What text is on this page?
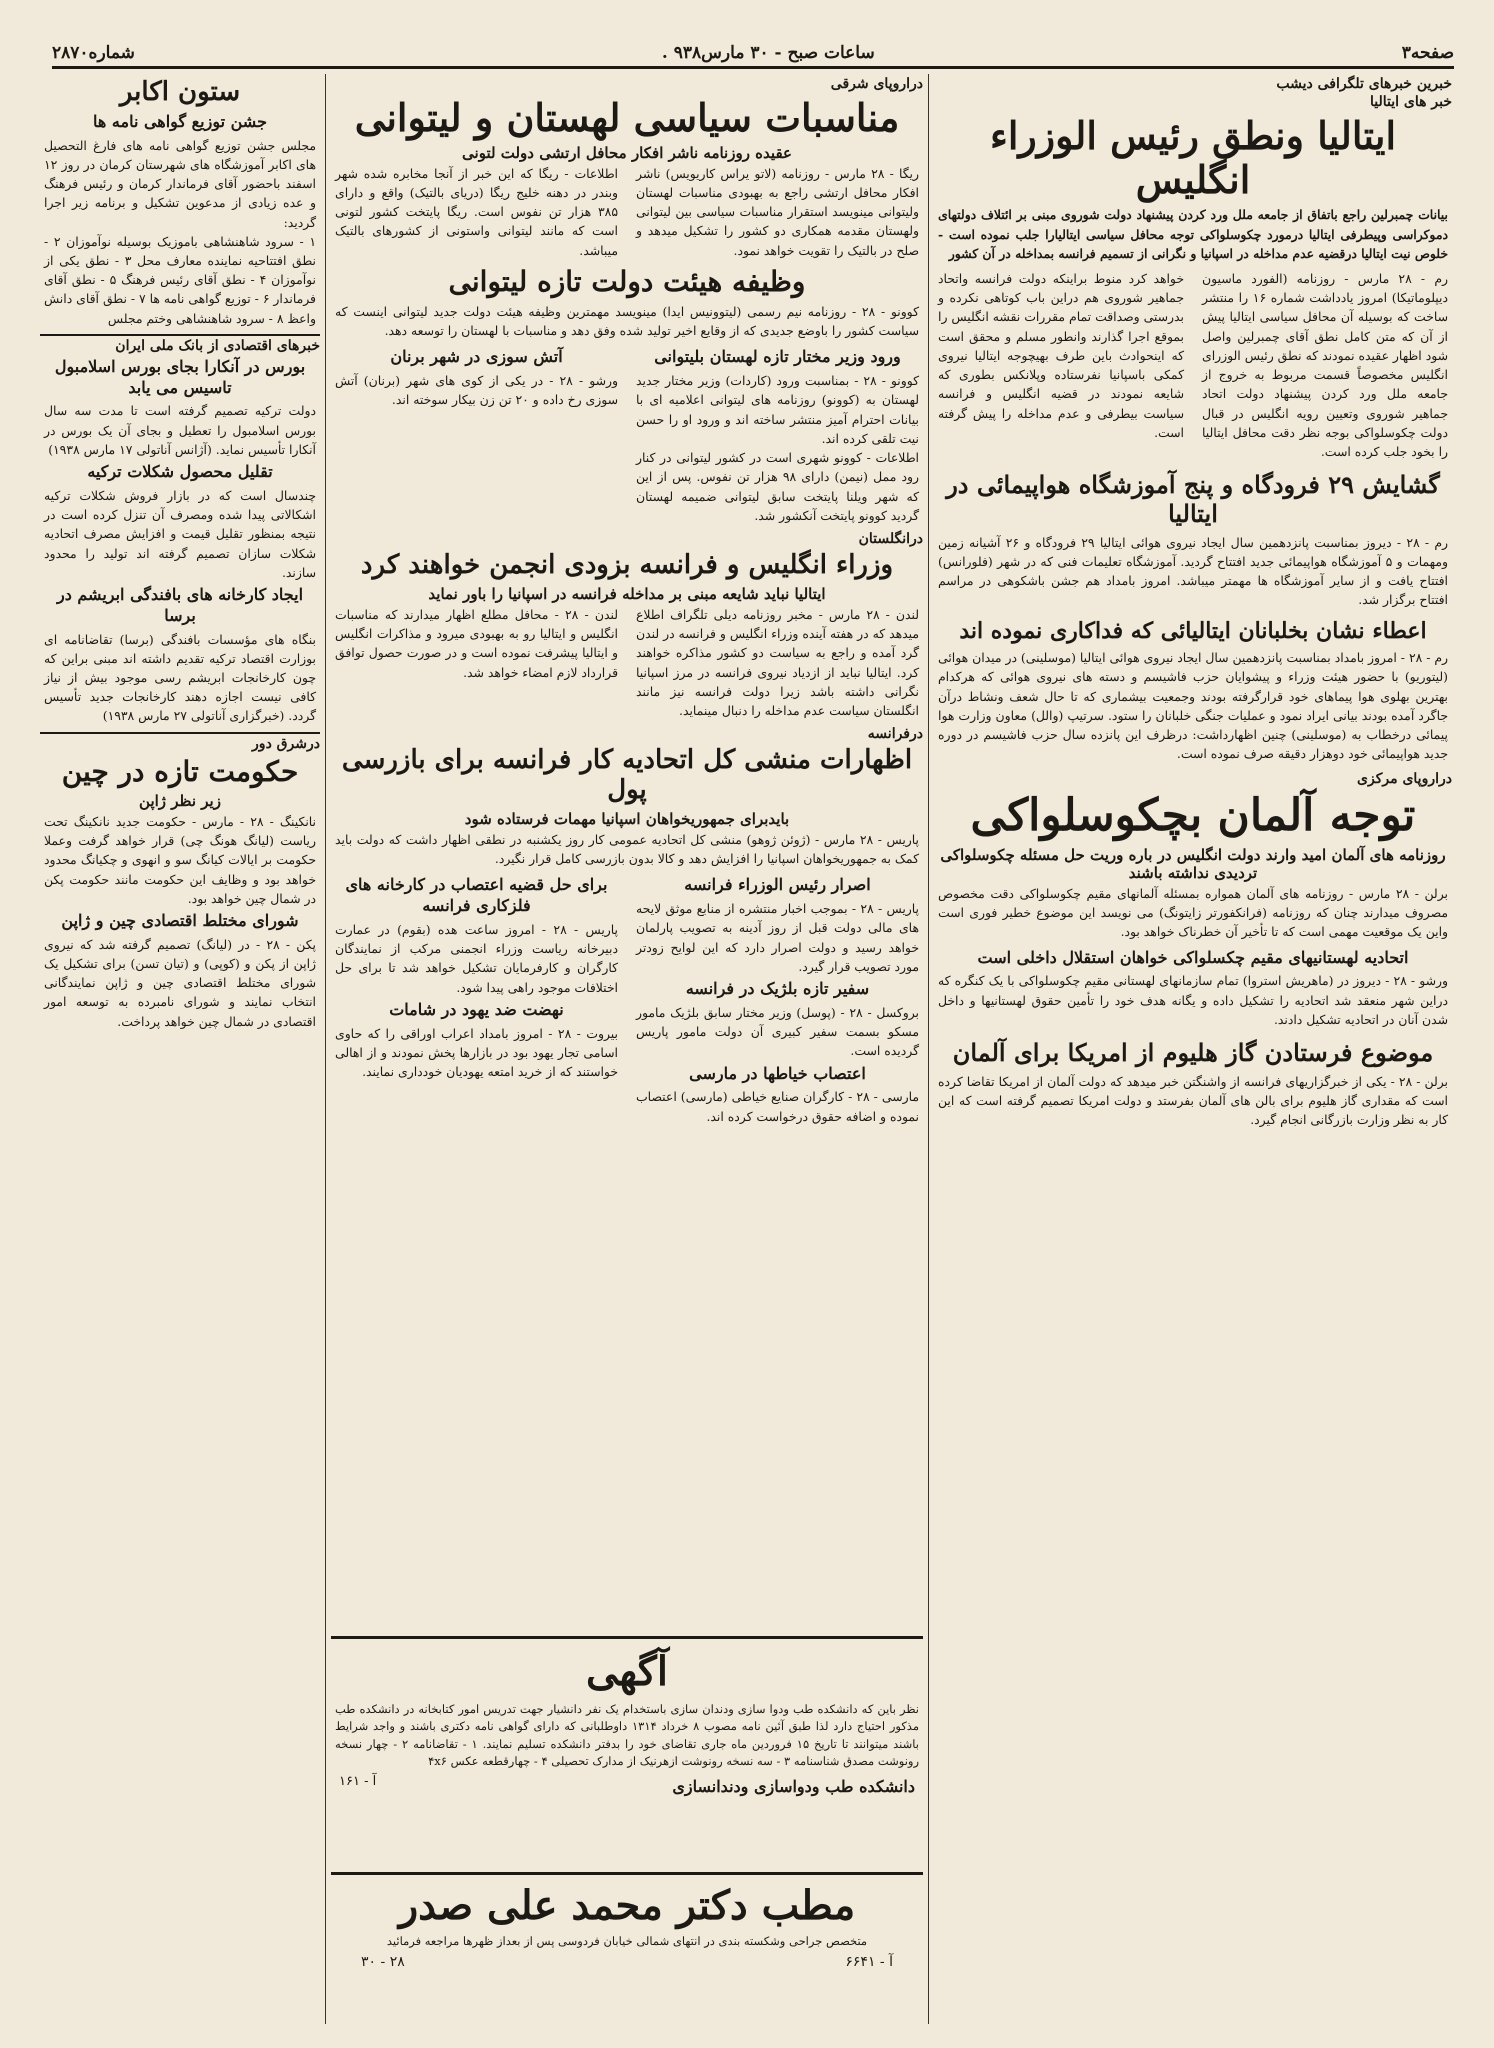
صفحه۳
ساعات صبح - ۳۰ مارس۹۳۸ .
شماره۲۸۷۰
خبرین خبرهای تلگرافی دیشب
خبر های ایتالیا
ایتالیا ونطق رئیس الوزراء انگلیس
بیانات چمبرلین راجع باتفاق از جامعه ملل ورد کردن پیشنهاد دولت شوروی مبنی بر ائتلاف دولتهای دموکراسی وپیطرفی ایتالیا درمورد چکوسلواکی توجه محافل سیاسی ایتالیارا جلب نموده است - خلوص نیت ایتالیا درقضیه عدم مداخله در اسپانیا و نگرانی از تسمیم فرانسه بمداخله در آن کشور
رم - ۲۸ مارس - روزنامه (الفورد ماسیون دیپلوماتیکا) امروز یادداشت شماره ۱۶ را منتشر ساخت که بوسیله آن محافل سیاسی ایتالیا پیش از آن که متن کامل نطق آقای چمبرلین واصل شود اظهار عقیده نمودند که نطق رئیس الوزرای انگلیس مخصوصاً قسمت مربوط به خروج از جامعه ملل ورد کردن پیشنهاد دولت اتحاد جماهیر شوروی وتعیین رویه انگلیس در قبال دولت چکوسلواکی بوجه نظر دقت محافل ایتالیا را بخود جلب کرده است.
خواهد کرد منوط براینکه دولت فرانسه واتحاد جماهیر شوروی هم دراین باب کوتاهی نکرده و بدرستی وصداقت تمام مقررات نقشه انگلیس را بموقع اجرا گذارند وانطور مسلم و محقق است که اینحوادث باین طرف بهیچوجه ایتالیا نیروی کمکی باسپانیا نفرستاده وپلانکس بطوری که شایعه نمودند در قضیه انگلیس و فرانسه سیاست بیطرفی و عدم مداخله را پیش گرفته است.
گشایش ۲۹ فرودگاه و پنج آموزشگاه هواپیمائی در ایتالیا
رم - ۲۸ - دیروز بمناسبت پانزدهمین سال ایجاد نیروی هوائی ایتالیا ۲۹ فرودگاه و ۲۶ آشیانه زمین ومهمات و ۵ آموزشگاه هواپیمائی جدید افتتاح گردید. آموزشگاه تعلیمات فنی که در شهر (فلورانس) افتتاح یافت و از سایر آموزشگاه ها مهمتر میباشد. امروز بامداد هم جشن باشکوهی در مراسم افتتاح برگزار شد.
اعطاء نشان بخلبانان ایتالیائی که فداکاری نموده اند
رم - ۲۸ - امروز بامداد بمناسبت پانزدهمین سال ایجاد نیروی هوائی ایتالیا (موسلینی) در میدان هوائی (لیتوریو) با حضور هیئت وزراء و پیشوایان حزب فاشیسم و دسته های نیروی هوائی که هرکدام بهترین بهلوی هوا پیماهای خود قرارگرفته بودند وجمعیت بیشماری که تا حال شعف ونشاط درآن جاگرد آمده بودند بیانی ایراد نمود و عملیات جنگی خلبانان را ستود. سرتیپ (والل) معاون وزارت هوا پیمائی درخطاب به (موسلینی) چنین اظهارداشت: درظرف این پانزده سال حزب فاشیسم در دوره جدید هواپیمائی خود دوهزار دقیقه صرف نموده است.
دراروپای مرکزی
توجه آلمان بچکوسلواکی
روزنامه های آلمان امید وارند دولت انگلیس در باره وریت حل مسئله چکوسلواکی تردیدی نداشته باشند
برلن - ۲۸ مارس - روزنامه های آلمان همواره بمسئله آلمانهای مقیم چکوسلواکی دقت مخصوص مصروف میدارند چنان که روزنامه (فرانکفورتر زایتونگ) می نویسد این موضوع خطیر فوری است واین یک موقعیت مهمی است که تا تأخیر آن خطرناک خواهد بود.
اتحادیه لهستانیهای مقیم چکسلواکی خواهان استقلال داخلی است
ورشو - ۲۸ - دیروز در (ماهریش استروا) تمام سازمانهای لهستانی مقیم چکوسلواکی با یک کنگره که دراین شهر منعقد شد اتحادیه را تشکیل داده و یگانه هدف خود را تأمین حقوق لهستانیها و داخل شدن آنان در اتحادیه تشکیل دادند.
موضوع فرستادن گاز هلیوم از امریکا برای آلمان
برلن - ۲۸ - یکی از خبرگزاریهای فرانسه از واشنگتن خبر میدهد که دولت آلمان از امریکا تقاضا کرده است که مقداری گاز هلیوم برای بالن های آلمان بفرستد و دولت امریکا تصمیم گرفته است که این کار به نظر وزارت بازرگانی انجام گیرد.
دراروپای شرقی
مناسبات سیاسی لهستان و لیتوانی
عقیده روزنامه ناشر افکار محافل ارتشی دولت لتونی
ریگا - ۲۸ مارس - روزنامه (لاتو یراس کاریویس) ناشر افکار محافل ارتشی راجع به بهبودی مناسبات لهستان ولیتوانی مینویسد استقرار مناسبات سیاسی بین لیتوانی ولهستان مقدمه همکاری دو کشور را تشکیل میدهد و صلح در بالتیک را تقویت خواهد نمود.
اطلاعات - ریگا که این خبر از آنجا مخابره شده شهر وبندر در دهنه خلیج ریگا (دریای بالتیک) واقع و دارای ۳۸۵ هزار تن نفوس است. ریگا پایتخت کشور لتونی است که مانند لیتوانی واستونی از کشورهای بالتیک میباشد.
وظیفه هیئت دولت تازه لیتوانی
کوونو - ۲۸ - روزنامه نیم رسمی (لیتوونیس ایدا) مینویسد مهمترین وظیفه هیئت دولت جدید لیتوانی اینست که سیاست کشور را باوضع جدیدی که از وقایع اخیر تولید شده وفق دهد و مناسبات با لهستان را توسعه دهد.
ورود وزیر مختار تازه لهستان بلیتوانی
کوونو - ۲۸ - بمناسبت ورود (کاردات) وزیر مختار جدید لهستان به (کوونو) روزنامه های لیتوانی اعلامیه ای با بیانات احترام آمیز منتشر ساخته اند و ورود او را حسن نیت تلقی کرده اند.
اطلاعات - کوونو شهری است در کشور لیتوانی در کنار رود ممل (نیمن) دارای ۹۸ هزار تن نفوس. پس از این که شهر ویلنا پایتخت سابق لیتوانی ضمیمه لهستان گردید کوونو پایتخت آنکشور شد.
آتش سوزی در شهر برنان
ورشو - ۲۸ - در یکی از کوی های شهر (برنان) آتش سوزی رخ داده و ۲۰ تن زن بیکار سوخته اند.
درانگلستان
وزراء انگلیس و فرانسه بزودی انجمن خواهند کرد
ایتالیا نباید شایعه مبنی بر مداخله فرانسه در اسپانیا را باور نماید
لندن - ۲۸ مارس - مخبر روزنامه دیلی تلگراف اطلاع میدهد که در هفته آینده وزراء انگلیس و فرانسه در لندن گرد آمده و راجع به سیاست دو کشور مذاکره خواهند کرد. ایتالیا نباید از ازدیاد نیروی فرانسه در مرز اسپانیا نگرانی داشته باشد زیرا دولت فرانسه نیز مانند انگلستان سیاست عدم مداخله را دنبال مینماید.
لندن - ۲۸ - محافل مطلع اظهار میدارند که مناسبات انگلیس و ایتالیا رو به بهبودی میرود و مذاکرات انگلیس و ایتالیا پیشرفت نموده است و در صورت حصول توافق قرارداد لازم امضاء خواهد شد.
درفرانسه
اظهارات منشی کل اتحادیه کار فرانسه برای بازرسی پول
بایدبرای جمهوریخواهان اسپانیا مهمات فرستاده شود
پاریس - ۲۸ مارس - (ژوئن ژوهو) منشی کل اتحادیه عمومی کار روز یکشنبه در نطقی اظهار داشت که دولت باید کمک به جمهوریخواهان اسپانیا را افزایش دهد و کالا بدون بازرسی کامل قرار نگیرد.
اصرار رئیس الوزراء فرانسه
پاریس - ۲۸ - بموجب اخبار منتشره از منابع موثق لایحه های مالی دولت قبل از روز آدینه به تصویب پارلمان خواهد رسید و دولت اصرار دارد که این لوایح زودتر مورد تصویب قرار گیرد.
سفیر تازه بلژیک در فرانسه
بروکسل - ۲۸ - (پوسل) وزیر مختار سابق بلژیک مامور مسکو بسمت سفیر کبیری آن دولت مامور پاریس گردیده است.
اعتصاب خیاطها در مارسی
مارسی - ۲۸ - کارگران صنایع خیاطی (مارسی) اعتصاب نموده و اضافه حقوق درخواست کرده اند.
برای حل قضیه اعتصاب در کارخانه های فلزکاری فرانسه
پاریس - ۲۸ - امروز ساعت هده (بقوم) در عمارت دبیرخانه ریاست وزراء انجمنی مرکب از نمایندگان کارگران و کارفرمایان تشکیل خواهد شد تا برای حل اختلافات موجود راهی پیدا شود.
نهضت ضد یهود در شامات
بیروت - ۲۸ - امروز بامداد اعراب اوراقی را که حاوی اسامی تجار یهود بود در بازارها پخش نمودند و از اهالی خواستند که از خرید امتعه یهودیان خودداری نمایند.
آگهی
نظر باین که دانشکده طب ودوا سازی ودندان سازی باستخدام یک نفر دانشیار جهت تدریس امور کتابخانه در دانشکده طب مذکور احتیاج دارد لذا طبق آئین نامه مصوب ۸ خرداد ۱۳۱۴ داوطلبانی که دارای گواهی نامه دکتری باشند و واجد شرایط باشند میتوانند تا تاریخ ۱۵ فروردین ماه جاری تقاضای خود را بدفتر دانشکده تسلیم نمایند. ۱ - تقاضانامه ۲ - چهار نسخه رونوشت مصدق شناسنامه ۳ - سه نسخه رونوشت ازهرنیک از مدارک تحصیلی ۴ - چهارقطعه عکس ۴x۶
دانشکده طب ودواسازی ودندانسازی
آ - ۱۶۱
مطب دکتر محمد علی صدر
متخصص جراحی وشکسته بندی در انتهای شمالی خیابان فردوسی پس از بعداز ظهرها مراجعه فرمائید
آ - ۶۶۴۱
۲۸ - ۳۰
ستون اکابر
جشن توزیع گواهی نامه ها
مجلس جشن توزیع گواهی نامه های فارغ التحصیل های اکابر آموزشگاه های شهرستان کرمان در روز ۱۲ اسفند باحضور آقای فرماندار کرمان و رئیس فرهنگ و عده زیادی از مدعوین تشکیل و برنامه زیر اجرا گردید:
۱ - سرود شاهنشاهی باموزیک بوسیله نوآموزان ۲ - نطق افتتاحیه نماینده معارف محل ۳ - نطق یکی از نوآموزان ۴ - نطق آقای رئیس فرهنگ ۵ - نطق آقای فرماندار ۶ - توزیع گواهی نامه ها ۷ - نطق آقای دانش واعظ ۸ - سرود شاهنشاهی وختم مجلس
خبرهای اقتصادی از بانک ملی ایران
بورس در آنکارا بجای بورس اسلامبول تاسیس می یابد
دولت ترکیه تصمیم گرفته است تا مدت سه سال بورس اسلامبول را تعطیل و بجای آن یک بورس در آنکارا تأسیس نماید. (آژانس آناتولی ۱۷ مارس ۱۹۳۸)
تقلیل محصول شکلات ترکیه
چندسال است که در بازار فروش شکلات ترکیه اشکالاتی پیدا شده ومصرف آن تنزل کرده است در نتیجه بمنظور تقلیل قیمت و افزایش مصرف اتحادیه شکلات سازان تصمیم گرفته اند تولید را محدود سازند.
ایجاد کارخانه های بافندگی ابریشم در برسا
بنگاه های مؤسسات بافندگی (برسا) تقاضانامه ای بوزارت اقتصاد ترکیه تقدیم داشته اند مبنی براین که چون کارخانجات ابریشم رسی موجود بیش از نیاز کافی نیست اجازه دهند کارخانجات جدید تأسیس گردد. (خبرگزاری آناتولی ۲۷ مارس ۱۹۳۸)
درشرق دور
حکومت تازه در چین
زیر نظر ژاپن
نانکینگ - ۲۸ - مارس - حکومت جدید نانکینگ تحت ریاست (لیانگ هونگ چی) قرار خواهد گرفت وعملا حکومت بر ایالات کیانگ سو و انهوی و چکیانگ محدود خواهد بود و وظایف این حکومت مانند حکومت پکن در شمال چین خواهد بود.
شورای مختلط اقتصادی چین و ژاپن
پکن - ۲۸ - در (لیانگ) تصمیم گرفته شد که نیروی ژاپن از پکن و (کوپی) و (تیان تسن) برای تشکیل یک شورای مختلط اقتصادی چین و ژاپن نمایندگانی انتخاب نمایند و شورای نامبرده به توسعه امور اقتصادی در شمال چین خواهد پرداخت.
